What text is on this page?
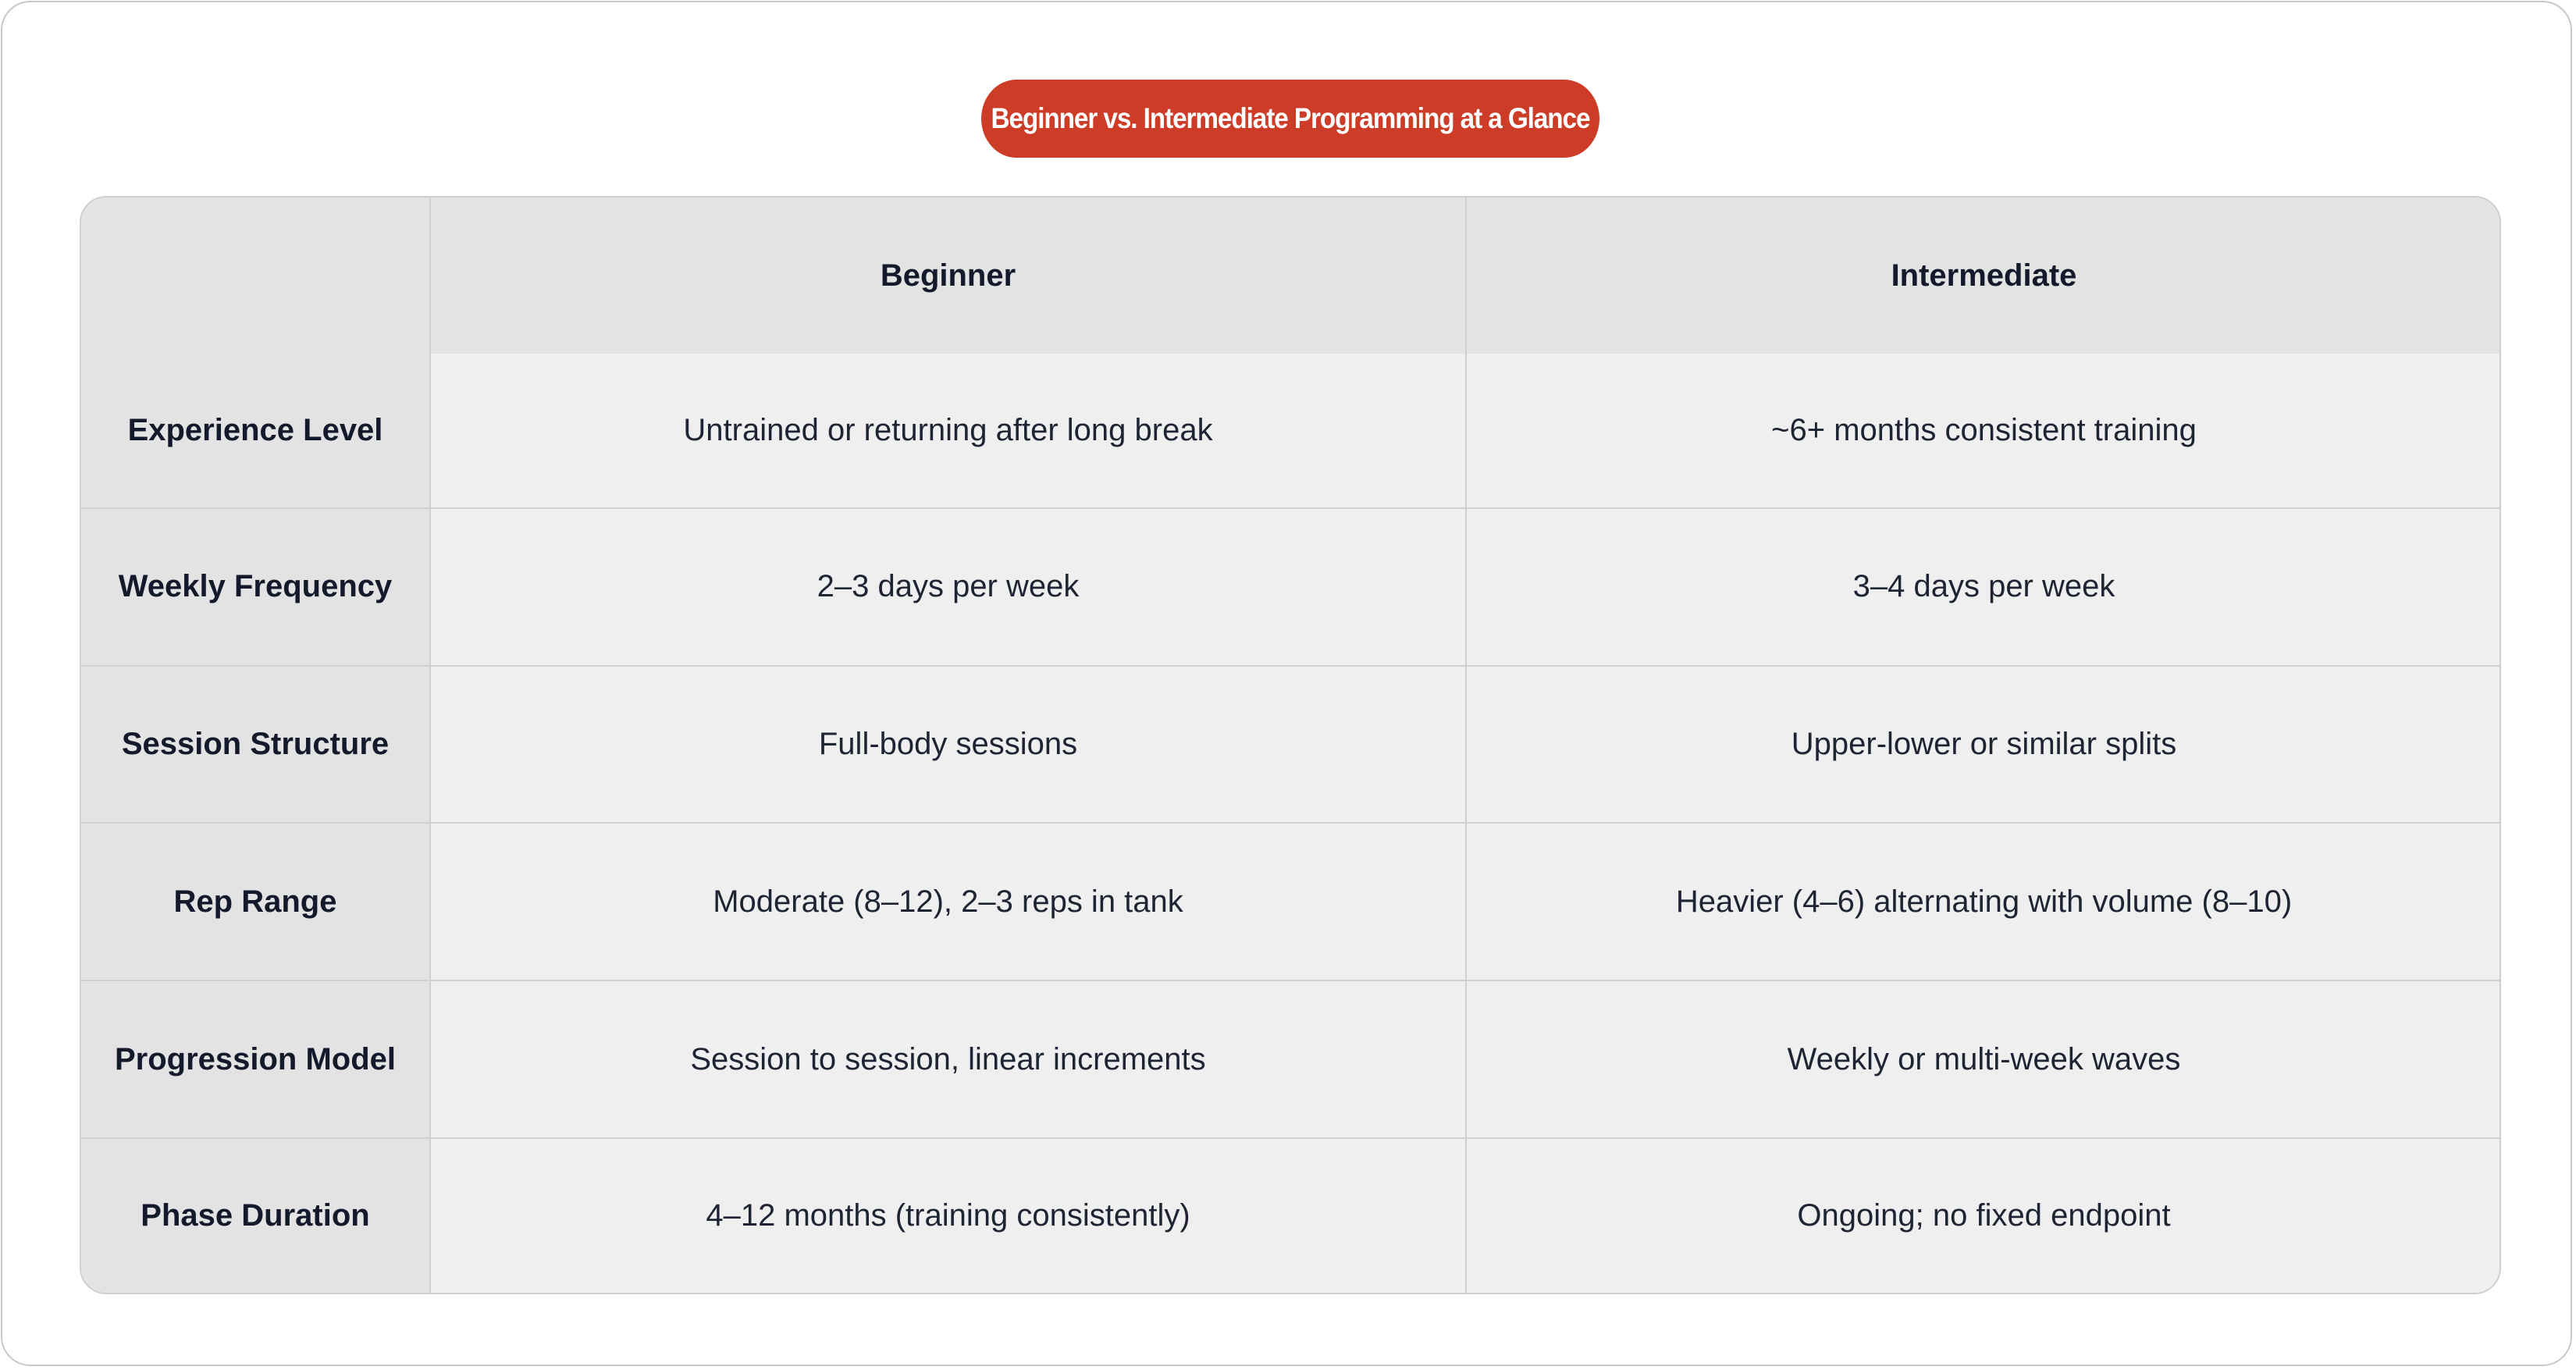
Beginner vs. Intermediate Programming at a Glance
	Beginner	Intermediate
Experience Level	Untrained or returning after long break	~6+ months consistent training
Weekly Frequency	2–3 days per week	3–4 days per week
Session Structure	Full-body sessions	Upper-lower or similar splits
Rep Range	Moderate (8–12), 2–3 reps in tank	Heavier (4–6) alternating with volume (8–10)
Progression Model	Session to session, linear increments	Weekly or multi-week waves
Phase Duration	4–12 months (training consistently)	Ongoing; no fixed endpoint
